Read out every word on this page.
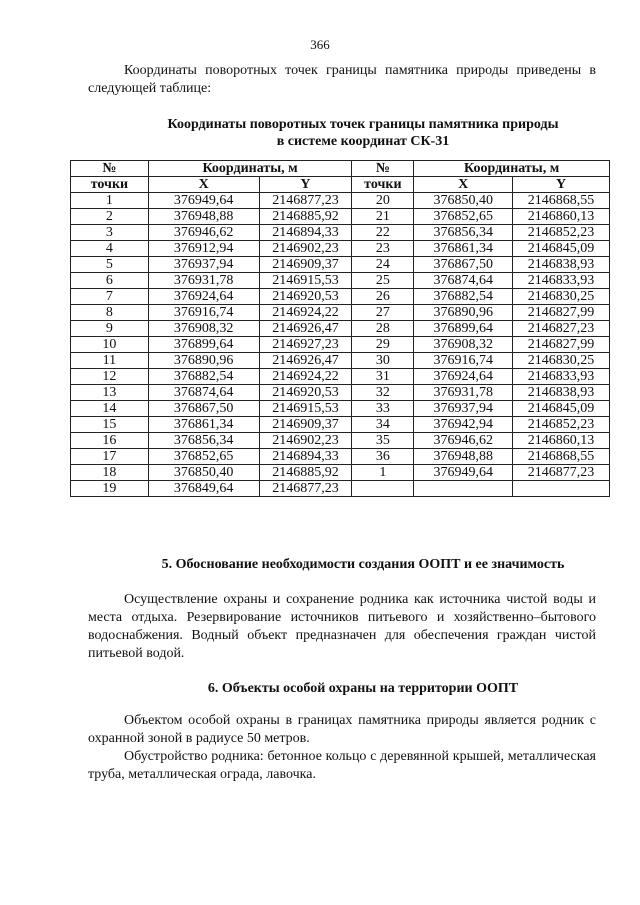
366
Координаты поворотных точек границы памятника природы приведены в следующей таблице:
Координаты поворотных точек границы памятника природы
в системе координат СК-31
№	Координаты, м		№	Координаты, м	
точки	X	Y	точки	X	Y
1	376949,64	2146877,23	20	376850,40	2146868,55
2	376948,88	2146885,92	21	376852,65	2146860,13
3	376946,62	2146894,33	22	376856,34	2146852,23
4	376912,94	2146902,23	23	376861,34	2146845,09
5	376937,94	2146909,37	24	376867,50	2146838,93
6	376931,78	2146915,53	25	376874,64	2146833,93
7	376924,64	2146920,53	26	376882,54	2146830,25
8	376916,74	2146924,22	27	376890,96	2146827,99
9	376908,32	2146926,47	28	376899,64	2146827,23
10	376899,64	2146927,23	29	376908,32	2146827,99
11	376890,96	2146926,47	30	376916,74	2146830,25
12	376882,54	2146924,22	31	376924,64	2146833,93
13	376874,64	2146920,53	32	376931,78	2146838,93
14	376867,50	2146915,53	33	376937,94	2146845,09
15	376861,34	2146909,37	34	376942,94	2146852,23
16	376856,34	2146902,23	35	376946,62	2146860,13
17	376852,65	2146894,33	36	376948,88	2146868,55
18	376850,40	2146885,92	1	376949,64	2146877,23
19	376849,64	2146877,23			
5. Обоснование необходимости создания ООПТ и ее значимость
Осуществление охраны и сохранение родника как источника чистой воды и места отдыха. Резервирование источников питьевого и хозяйственно–бытового водоснабжения. Водный объект предназначен для обеспечения граждан чистой питьевой водой.
6. Объекты особой охраны на территории ООПТ
Объектом особой охраны в границах памятника природы является родник с охранной зоной в радиусе 50 метров.
Обустройство родника: бетонное кольцо с деревянной крышей, металлическая труба, металлическая ограда, лавочка.
